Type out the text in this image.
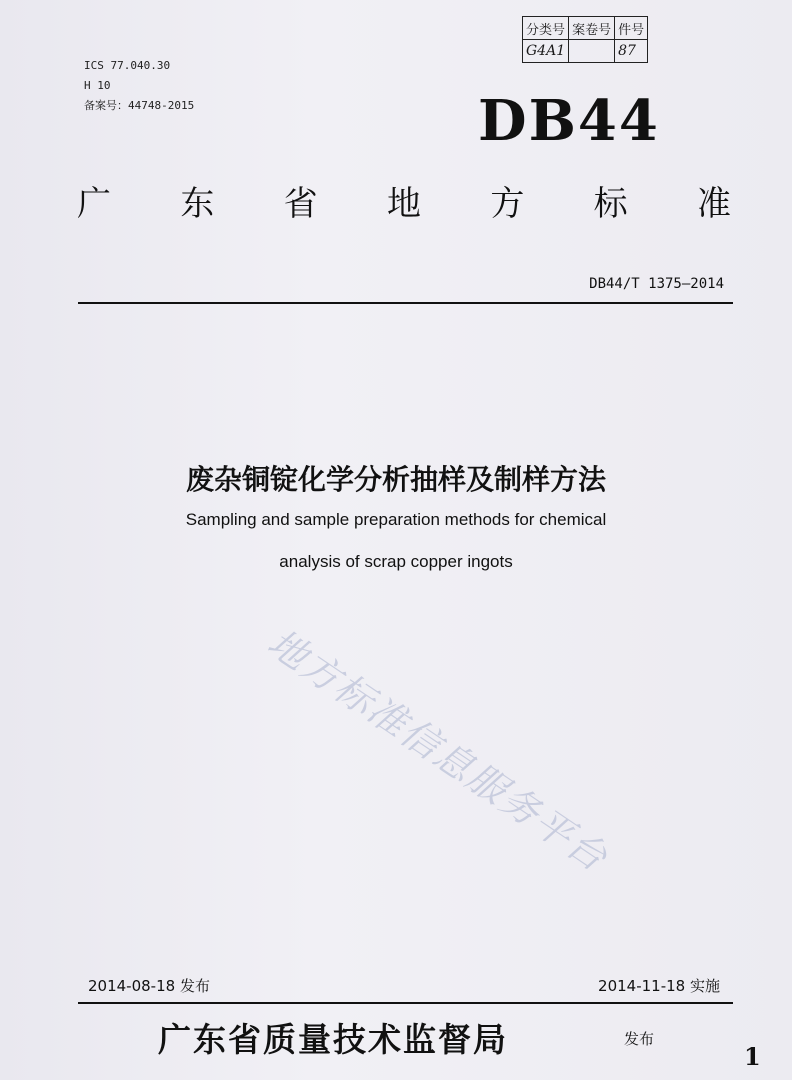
ICS 77.040.30
H 10
备案号：44748-2015
分类号	案卷号	件号
G4A1		87
DB44
广 东 省 地 方 标 准
DB44/T 1375—2014
废杂铜锭化学分析抽样及制样方法
Sampling and sample preparation methods for chemical
analysis of scrap copper ingots
地方标准信息服务平台
2014-08-18 发布	2014-11-18 实施
广东省质量技术监督局	发布
1
